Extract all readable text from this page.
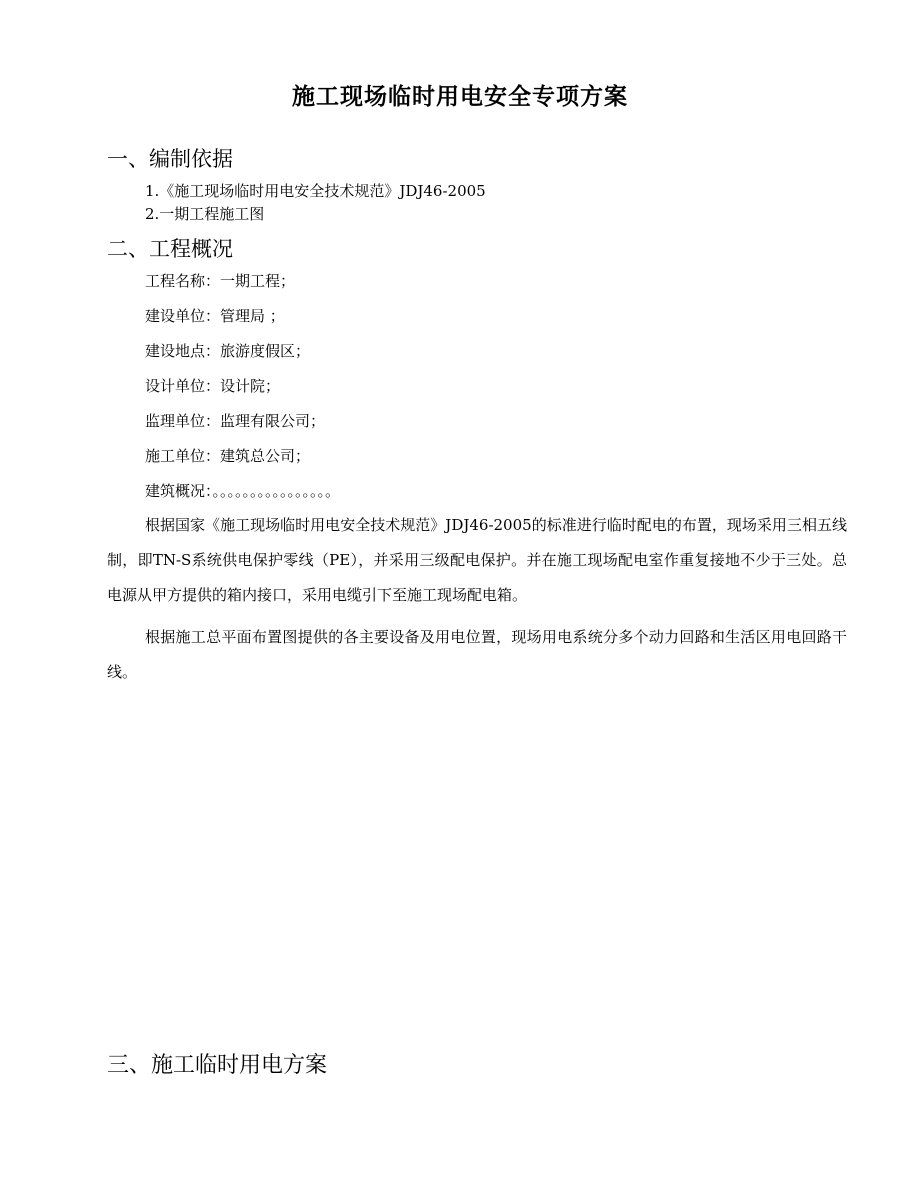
施工现场临时用电安全专项方案
一、编制依据
1.《施工现场临时用电安全技术规范》JDJ46-2005
2.一期工程施工图
二、工程概况
工程名称：一期工程；
建设单位：管理局 ；
建设地点：旅游度假区；
设计单位：设计院；
监理单位：监理有限公司；
施工单位：建筑总公司；
建筑概况：。。。。。。。。。。。。。。。。

根据国家《施工现场临时用电安全技术规范》JDJ46-2005的标准进行临时配电的布置，现场采用三相五线制，即TN-S系统供电保护零线（PE），并采用三级配电保护。并在施工现场配电室作重复接地不少于三处。总电源从甲方提供的箱内接口，采用电缆引下至施工现场配电箱。

根据施工总平面布置图提供的各主要设备及用电位置，现场用电系统分多个动力回路和生活区用电回路干线。

三、施工临时用电方案
